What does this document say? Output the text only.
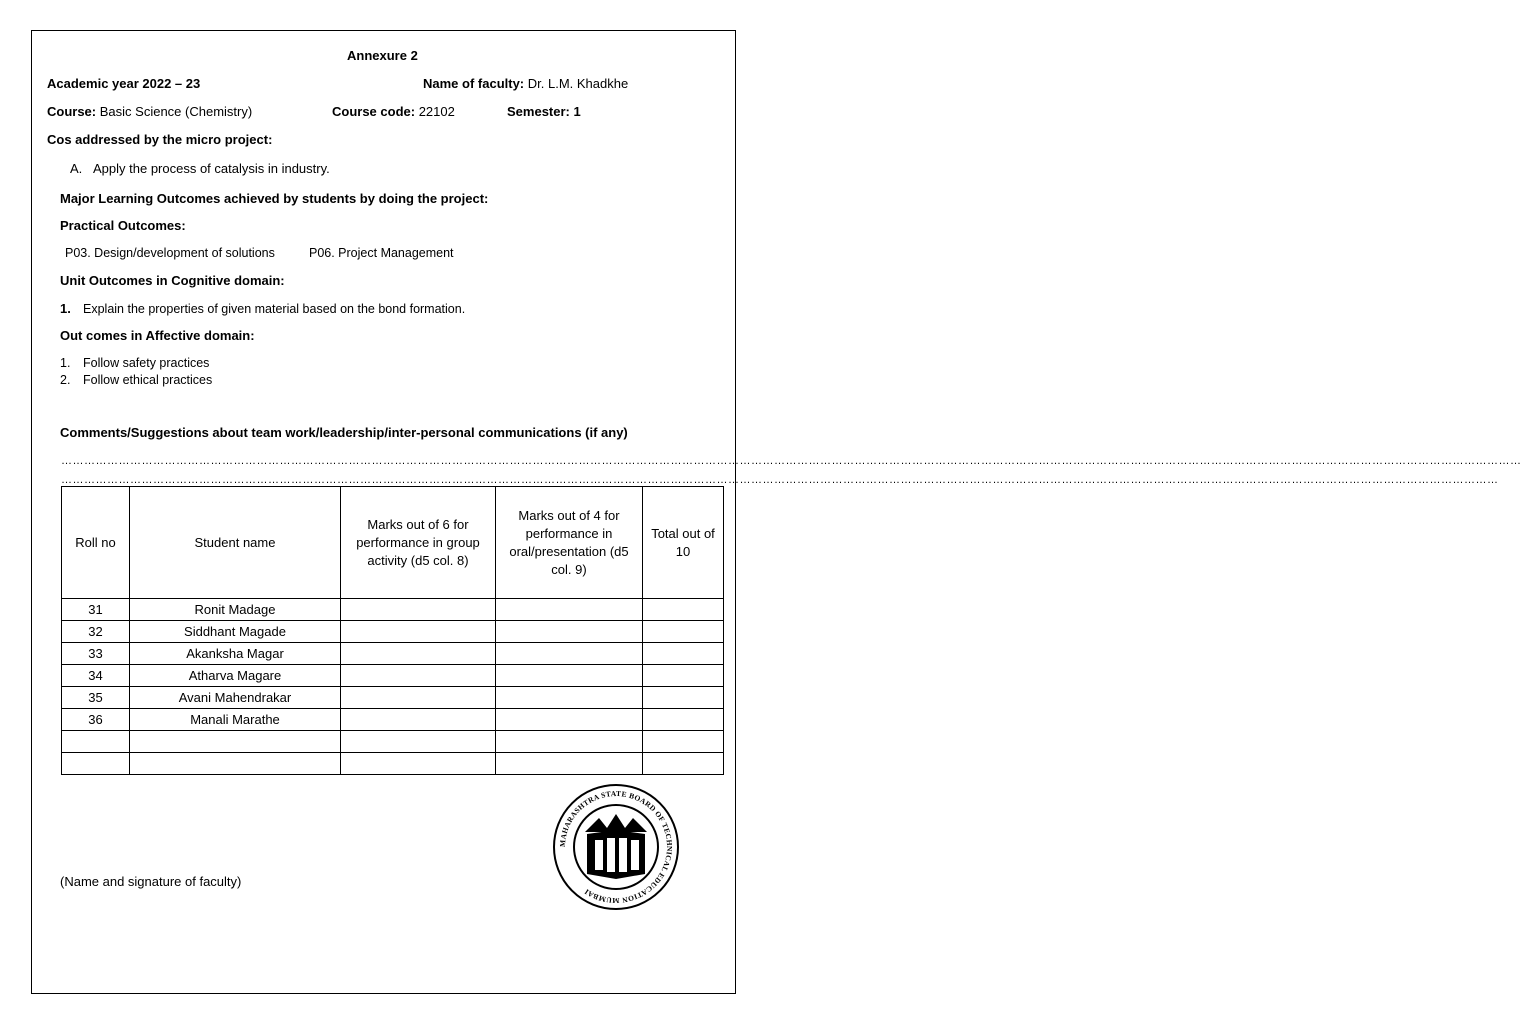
Annexure 2
Academic year 2022 – 23	Name of faculty: Dr. L.M. Khadkhe
Course: Basic Science (Chemistry)	Course code: 22102	Semester: 1
Cos addressed by the micro project:
A. Apply the process of catalysis in industry.
Major Learning Outcomes achieved by students by doing the project:
Practical Outcomes:
P03. Design/development of solutions	P06. Project Management
Unit Outcomes in Cognitive domain:
1. Explain the properties of given material based on the bond formation.
Out comes in Affective domain:
1. Follow safety practices
2. Follow ethical practices
Comments/Suggestions about team work/leadership/inter-personal communications (if any)
…………………………………………………………………………………………………………………………………………………………………………………………………………………………………………………………………………………………………………………………………………………
……………………………………………………………………………………………………………………………………………………………………………………………………………………………………………………………………………………………………………………………………………
Roll no	Student name	Marks out of 6 for performance in group activity (d5 col. 8)	Marks out of 4 for performance in oral/presentation (d5 col. 9)	Total out of 10
31	Ronit Madage			
32	Siddhant Magade			
33	Akanksha Magar			
34	Atharva Magare			
35	Avani Mahendrakar			
36	Manali Marathe			

(Name and signature of faculty)
MAHARASHTRA STATE BOARD OF TECHNICAL EDUCATION MUMBAI
